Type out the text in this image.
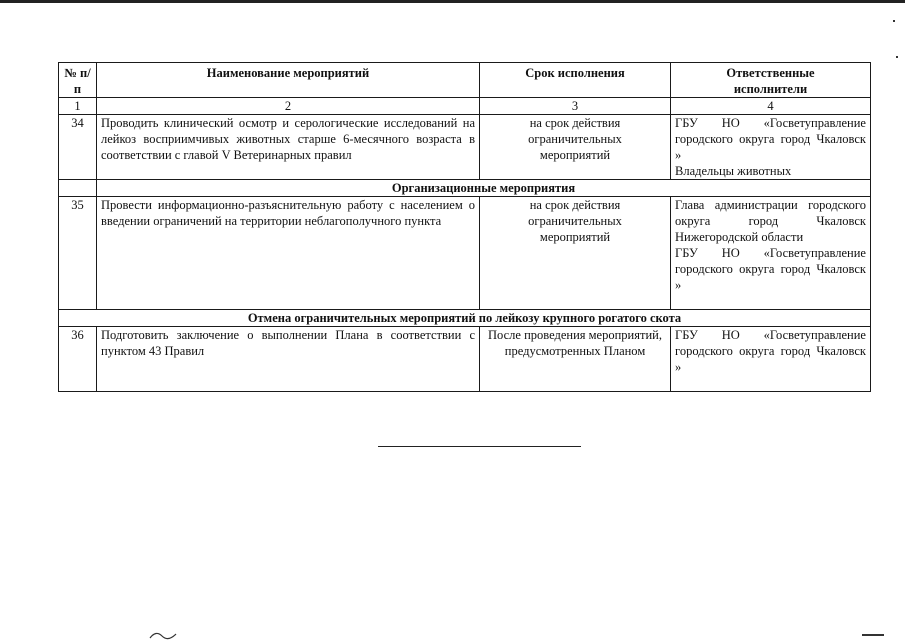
№ п/п	Наименование мероприятий	Срок исполнения	Ответственные исполнители
1	2	3	4
34	Проводить клинический осмотр и серологические исследований на лейкоз восприимчивых животных старше 6-месячного возраста в соответствии с главой V Ветеринарных правил	на срок действия ограничительных мероприятий	ГБУ НО «Госветуправление городского округа город Чкаловск »
Владельцы животных

	Организационные мероприятия		
35	Провести информационно-разъяснительную работу с населением о введении ограничений на территории неблагополучного пункта	на срок действия ограничительных мероприятий	Глава администрации городского округа город Чкаловск Нижегородской области
ГБУ НО «Госветуправление городского округа город Чкаловск »

Отмена ограничительных мероприятий по лейкозу крупного рогатого скота			
36	Подготовить заключение о выполнении Плана в соответствии с пунктом 43 Правил	После проведения мероприятий, предусмотренных Планом	ГБУ НО «Госветуправление городского округа город Чкаловск »
